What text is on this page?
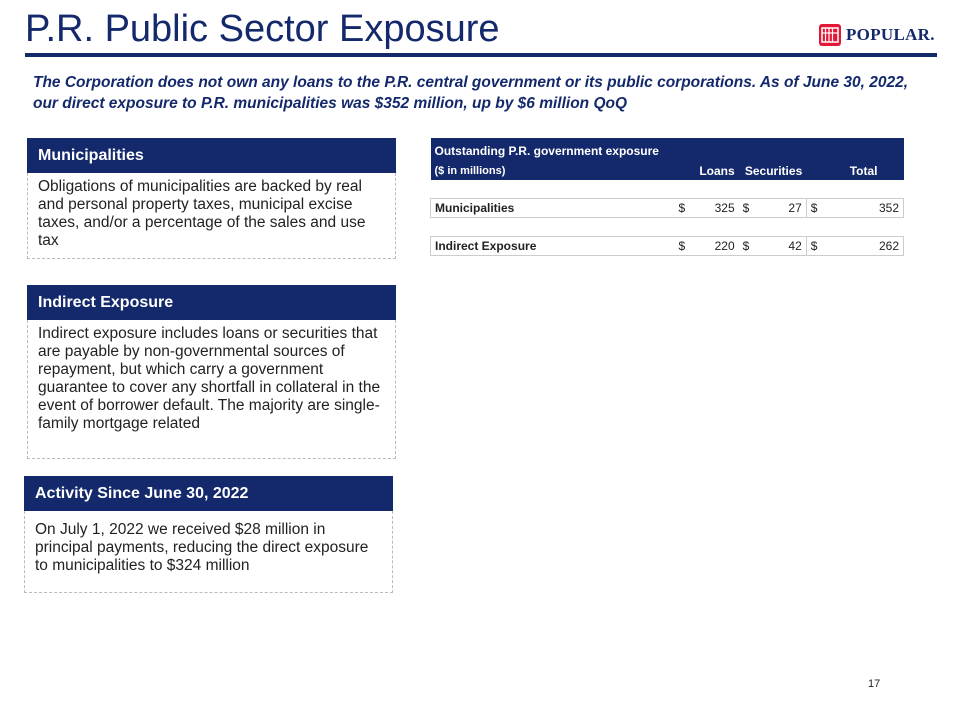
P.R. Public Sector Exposure	POPULAR.
The Corporation does not own any loans to the P.R. central government or its public corporations. As of June 30, 2022, our direct exposure to P.R. municipalities was $352 million, up by $6 million QoQ
Municipalities
Obligations of municipalities are backed by real and personal property taxes, municipal excise taxes, and/or a percentage of the sales and use tax
Indirect Exposure
Indirect exposure includes loans or securities that are payable by non-governmental sources of repayment, but which carry a government guarantee to cover any shortfall in collateral in the event of borrower default. The majority are single-family mortgage related
Activity Since June 30, 2022
On July 1, 2022 we received $28 million in principal payments, reducing the direct exposure to municipalities to $324 million
Outstanding P.R. government exposure						
($ in millions)	Loans		Securities		Total	

Municipalities	$	325	$	27	$	352

Indirect Exposure	$	220	$	42	$	262
17
